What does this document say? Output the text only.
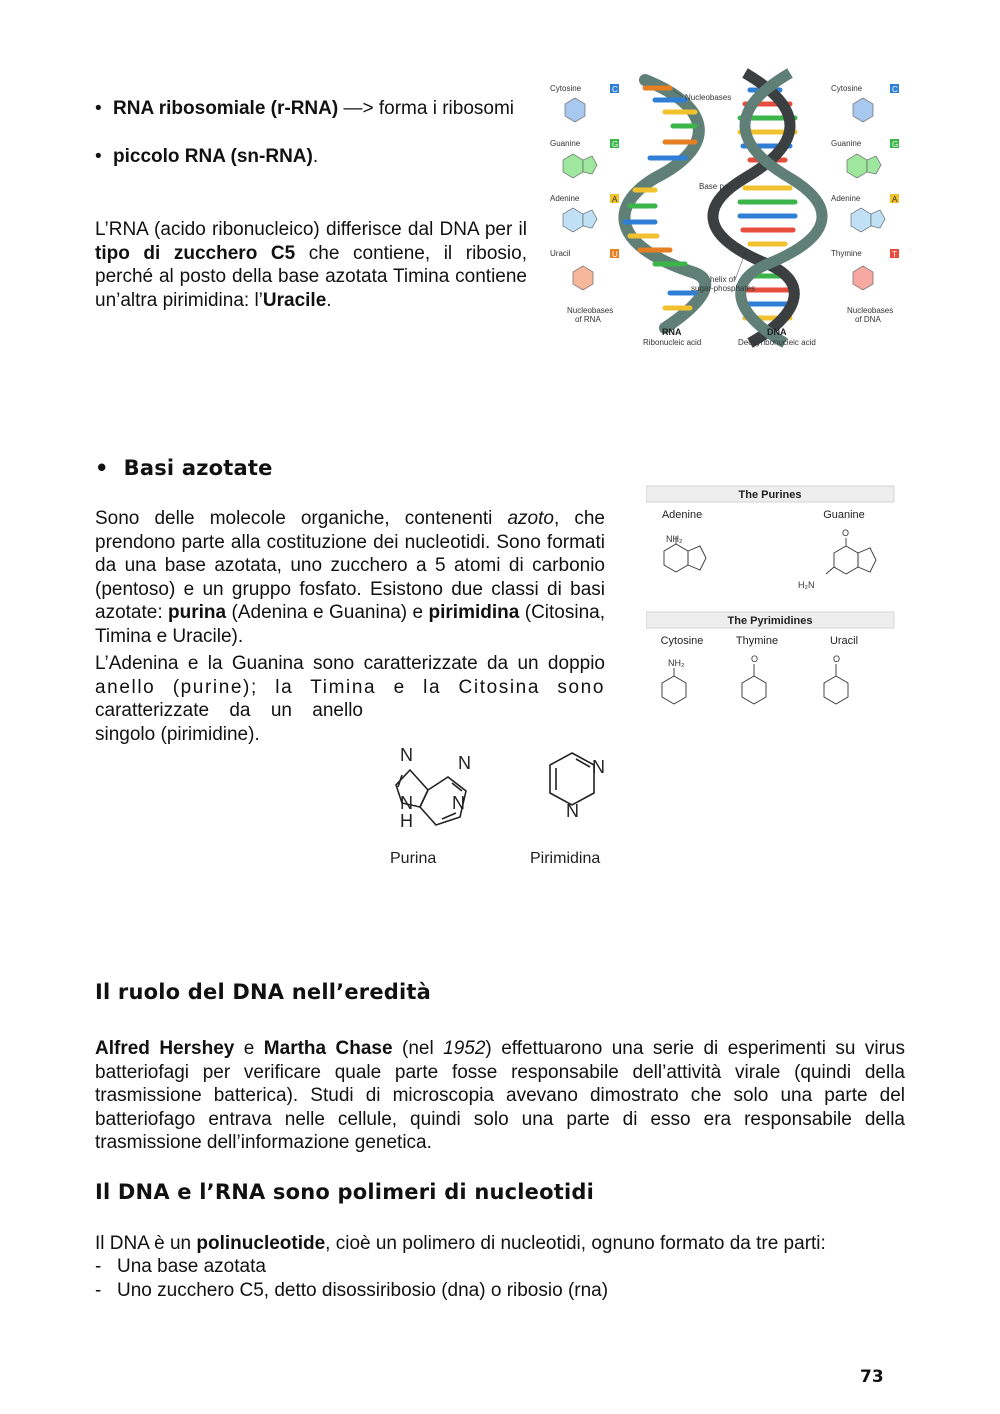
• RNA ribosomiale (r-RNA) —> forma i ribosomi
• piccolo RNA (sn-RNA).
L’RNA (acido ribonucleico) differisce dal DNA per il tipo di zucchero C5 che contiene, il ribosio, perché al posto della base azotata Timina contiene un’altra pirimidina: l’Uracile.
Cytosine	C
Guanine	G
Adenine	A
Uracil	U
Nucleobases
of RNA
Nucleobases
Base pair
helix of
sugar-phosphates
RNA
Ribonucleic acid
DNA
Deoxyribonucleic acid
Cytosine	C
Guanine	G
Adenine	A
Thymine	T
Nucleobases
of DNA
•  Basi azotate
Sono delle molecole organiche, contenenti azoto, che prendono parte alla costituzione dei nucleotidi. Sono formati da una base azotata, uno zucchero a 5 atomi di carbonio (pentoso) e un gruppo fosfato. Esistono due classi di basi azotate: purina (Adenina e Guanina) e pirimidina (Citosina, Timina e Uracile).
L’Adenina e la Guanina sono caratterizzate da un doppio
anello (purine); la Timina e la Citosina sono
caratterizzate da un anello
singolo (pirimidine).
The Purines
Adenine	Guanine
NH₂
O
H₂N
The Pyrimidines
Cytosine	Thymine	Uracil
NH₂	O	O
N	N
N
H
N
N
N
Purina	Pirimidina
Il ruolo del DNA nell’eredità
Alfred Hershey e Martha Chase (nel 1952) effettuarono una serie di esperimenti su virus batteriofagi per verificare quale parte fosse responsabile dell’attività virale (quindi della trasmissione batterica). Studi di microscopia avevano dimostrato che solo una parte del batteriofago entrava nelle cellule, quindi solo una parte di esso era responsabile della trasmissione dell’informazione genetica.
Il DNA e l’RNA sono polimeri di nucleotidi
Il DNA è un polinucleotide, cioè un polimero di nucleotidi, ognuno formato da tre parti:
- Una base azotata
- Uno zucchero C5, detto disossiribosio (dna) o ribosio (rna)
73
